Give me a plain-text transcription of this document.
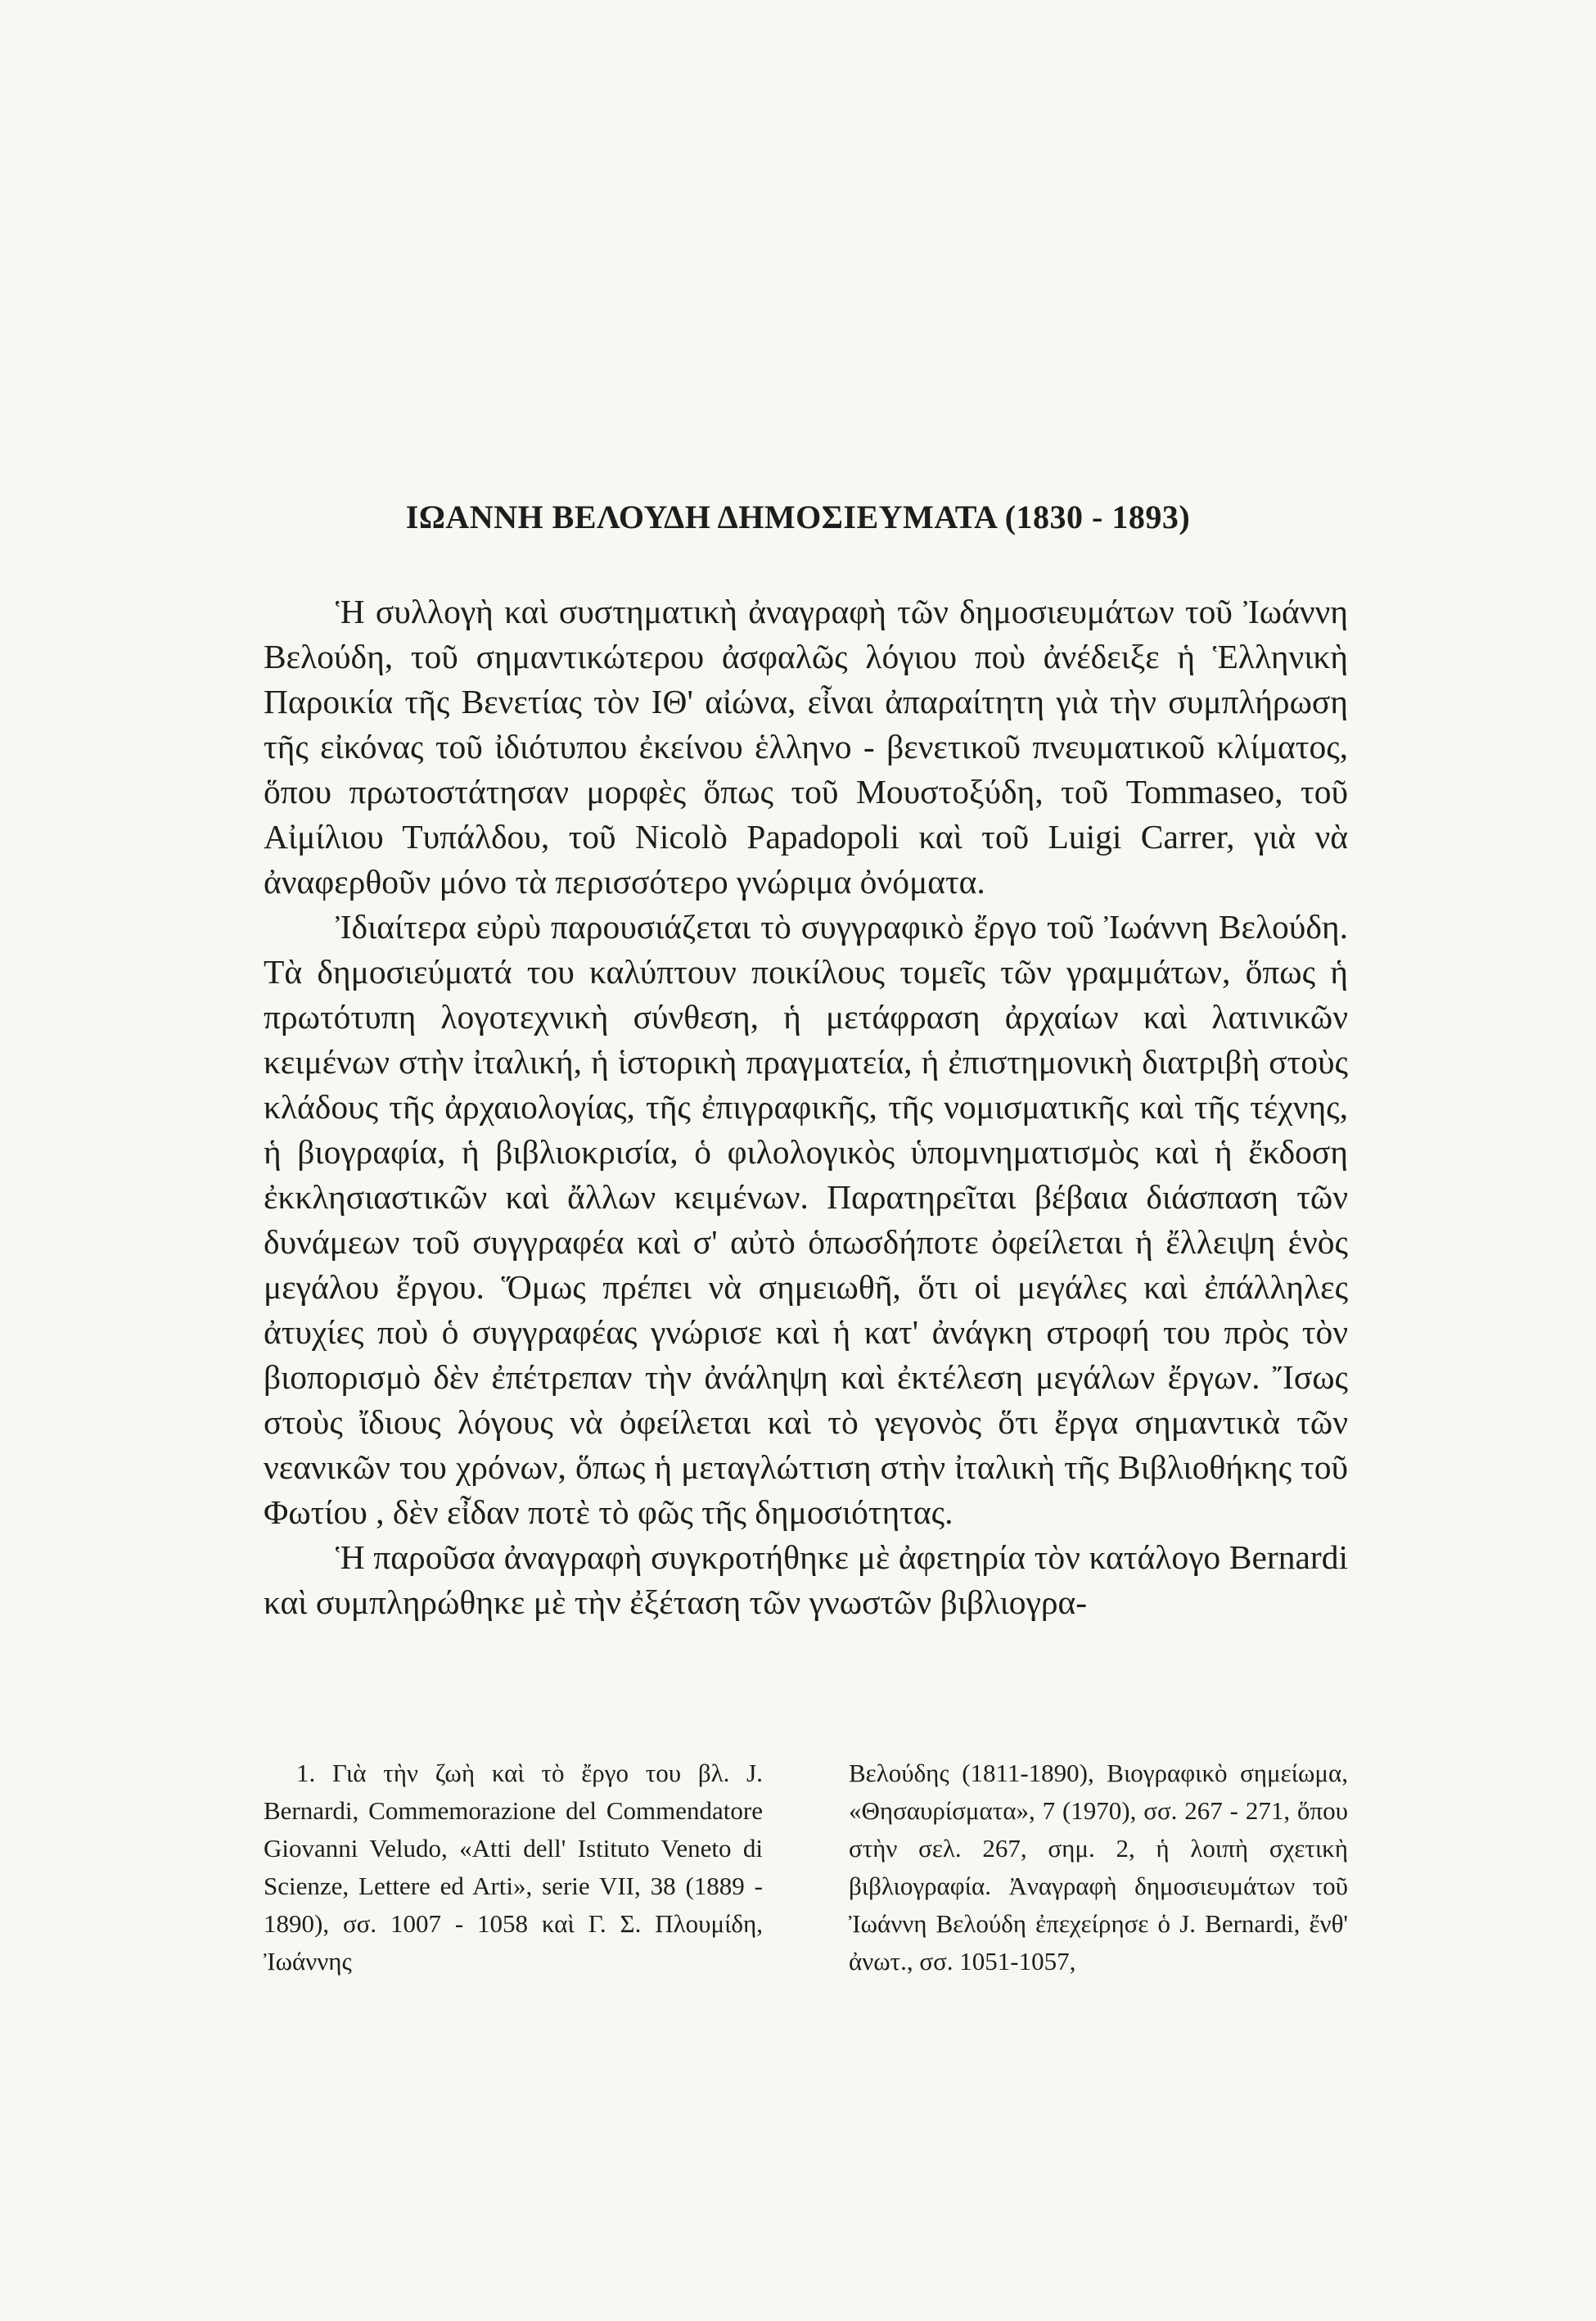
ΙΩΑΝΝΗ ΒΕΛΟΥΔΗ ΔΗΜΟΣΙΕΥΜΑΤΑ (1830 - 1893)

Ἡ συλλογὴ καὶ συστηματικὴ ἀναγραφὴ τῶν δημοσιευμάτων τοῦ Ἰωάννη Βελούδη, τοῦ σημαντικώτερου ἀσφαλῶς λόγιου ποὺ ἀνέδειξε ἡ Ἑλληνικὴ Παροικία τῆς Βενετίας τὸν ΙΘ' αἰώνα, εἶναι ἀπαραίτητη γιὰ τὴν συμπλήρωση τῆς εἰκόνας τοῦ ἰδιότυπου ἐκείνου ἑλληνο - βενετικοῦ πνευματικοῦ κλίματος, ὅπου πρωτοστάτησαν μορφὲς ὅπως τοῦ Μουστοξύδη, τοῦ Tommaseo, τοῦ Αἰμίλιου Τυπάλδου, τοῦ Nicolò Papadopoli καὶ τοῦ Luigi Carrer, γιὰ νὰ ἀναφερθοῦν μόνο τὰ περισσότερο γνώριμα ὀνόματα.

Ἰδιαίτερα εὐρὺ παρουσιάζεται τὸ συγγραφικὸ ἔργο τοῦ Ἰωάννη Βελούδη. Τὰ δημοσιεύματά του καλύπτουν ποικίλους τομεῖς τῶν γραμμάτων, ὅπως ἡ πρωτότυπη λογοτεχνικὴ σύνθεση, ἡ μετάφραση ἀρχαίων καὶ λατινικῶν κειμένων στὴν ἰταλική, ἡ ἱστορικὴ πραγματεία, ἡ ἐπιστημονικὴ διατριβὴ στοὺς κλάδους τῆς ἀρχαιολογίας, τῆς ἐπιγραφικῆς, τῆς νομισματικῆς καὶ τῆς τέχνης, ἡ βιογραφία, ἡ βιβλιοκρισία, ὁ φιλολογικὸς ὑπομνηματισμὸς καὶ ἡ ἔκδοση ἐκκλησιαστικῶν καὶ ἄλλων κειμένων. Παρατηρεῖται βέβαια διάσπαση τῶν δυνάμεων τοῦ συγγραφέα καὶ σ' αὐτὸ ὁπωσδήποτε ὀφείλεται ἡ ἔλλειψη ἑνὸς μεγάλου ἔργου. Ὅμως πρέπει νὰ σημειωθῆ, ὅτι οἱ μεγάλες καὶ ἐπάλληλες ἀτυχίες ποὺ ὁ συγγραφέας γνώρισε καὶ ἡ κατ' ἀνάγκη στροφή του πρὸς τὸν βιοπορισμὸ δὲν ἐπέτρεπαν τὴν ἀνάληψη καὶ ἐκτέλεση μεγάλων ἔργων. Ἴσως στοὺς ἴδιους λόγους νὰ ὀφείλεται καὶ τὸ γεγονὸς ὅτι ἔργα σημαντικὰ τῶν νεανικῶν του χρόνων, ὅπως ἡ μεταγλώττιση στὴν ἰταλικὴ τῆς Βιβλιοθήκης τοῦ Φωτίου , δὲν εἶδαν ποτὲ τὸ φῶς τῆς δημοσιότητας.

Ἡ παροῦσα ἀναγραφὴ συγκροτήθηκε μὲ ἀφετηρία τὸν κατάλογο Bernardi καὶ συμπληρώθηκε μὲ τὴν ἐξέταση τῶν γνωστῶν βιβλιογρα-

1. Γιὰ τὴν ζωὴ καὶ τὸ ἔργο του βλ. J. Bernardi, Commemorazione del Commendatore Giovanni Veludo, «Atti dell' Istituto Veneto di Scienze, Lettere ed Arti», serie VII, 38 (1889 - 1890), σσ. 1007 - 1058 καὶ Γ. Σ. Πλουμίδη, Ἰωάννης
Βελούδης (1811-1890), Βιογραφικὸ σημείωμα, «Θησαυρίσματα», 7 (1970), σσ. 267 - 271, ὅπου στὴν σελ. 267, σημ. 2, ἡ λοιπὴ σχετικὴ βιβλιογραφία. Ἀναγραφὴ δημοσιευμάτων τοῦ Ἰωάννη Βελούδη ἐπεχείρησε ὁ J. Bernardi, ἔνθ' ἀνωτ., σσ. 1051-1057,
